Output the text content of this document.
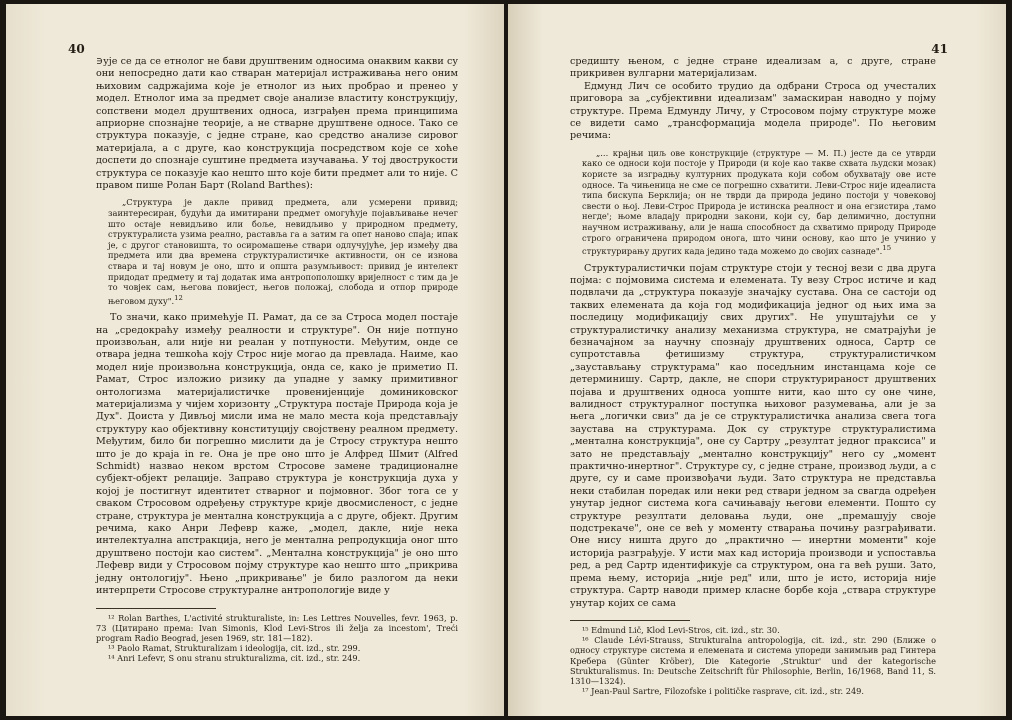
40

∋ује се да се етнолог не бави друштвеним односима онаквим какви су они непосредно дати као стваран материјал истраживања него оним њиховим садржајима које је етнолог из њих пробрао и пренео у модел. Етнолог има за предмет своје анализе властиту конструкцију, сопствени модел друштвених односа, изграђен према принципима априорне спознајне теорије, а не стварне друштвене односе. Тако се структура показује, с једне стране, као средство анализе сировог материјала, а с друге, као конструкција посредством које се хоће доспети до спознаје суштине предмета изучавања. У тој двострукости структура се показује као нешто што које бити предмет али то није. С правом пише Ролан Барт (Roland Barthes):

„Структура је дакле привид предмета, али усмерени привид; заинтересиран, будући да имитирани предмет омогућује појављивање нечег што остаје невидљиво или боље, невидљиво у природном предмету, структуралиста узима реално, раставља га а затим га опет наново спаја; ипак је, с другог становишта, то осиромашење ствари одлучујуће, јер између два предмета или два времена структуралистичке активности, он се изнова ствара и тај новум је оно, што и општа разумљивост: привид је интелект придодат предмету и тај додатак има антропополошку вријелност с тим да је то човјек сам, његова повијест, његов положај, слобода и отпор природе његовом духу".$^{12}$

То значи, како примећује П. Рамат, да се за Строса модел постаје на „средокраћу између реалности и структуре". Он није потпуно произвољан, али није ни реалан у потпуности. Међутим, онде се отвара једна тешкоћа коју Строс није могао да превлада. Наиме, као модел није произвољна конструкција, онда се, како је приметио П. Рамат, Строс изложио ризику да упадне у замку примитивног онтологизма материјалистичке провенијенције доминиковског материјализма у чијем хоризонту „Структура постаје Природа која је Дух". Доиста у Дивљој мисли има не мало места која представљају структуру као објективну конституцију својствену реалном предмету. Међутим, било би погрешно мислити да је Стросу структура нешто што је до краја in re. Она је пре оно што је Алфред Шмит (Alfred Schmidt) назвао неком врстом Стросове замене традиционалне субјект-објект релације. Заправо структура је конструкција духа у којој је постигнут идентитет стварног и појмовног. Због тога се у сваком Стросовом одређењу структуре крије двосмисленост, с једне стране, структура је ментална конструкција а с друге, објект. Другим речима, како Анри Лефевр каже, „модел, дакле, није нека интелектуална апстракција, него је ментална репродукција оног што друштвено постоји као систем". „Ментална конструкција" је оно што Лефевр види у Стросовом појму структуре као нешто што „прикрива једну онтологију". Њено „прикривање" је било разлогом да неки интерпрети Стросове структуралне антропологије виде у

¹² Rolan Barthes, L'activité strukturaliste, in: Les Lettres Nouvelles, fevr. 1963, p. 73 (Цитирано према: Ivan Simonis, Klod Levi-Stros ili želja za incestom', Treći program Radio Beograd, jesen 1969, str. 181—182).

¹³ Paolo Ramat, Strukturalizam i ideologija, cit. izd., str. 299.

¹⁴ Anri Lefevr, S onu stranu strukturalizma, cit. izd., str. 249.

41

средишту њеном, с једне стране идеализам а, с друге, стране прикривен вулгарни материјализам.

Едмунд Лич се особито трудио да одбрани Строса од учесталих приговора за „субјективни идеализам" замаскиран наводно у појму структуре. Према Едмунду Личу, у Стросовом појму структуре може се видети само „трансформација модела природе". По његовим речима:

„... крајњи циљ ове конструкције (структуре — М. П.) јесте да се утврди како се односи који постоје у Природи (и које као такве схвата људски мозак) користе за изградњу културних продуката који собом обухватају ове исте односе. Та чињеница не сме се погрешно схватити. Леви-Строс није идеалиста типа бискупа Берклија; он не тврди да природа једино постоји у човековој свести о њој. Леви-Строс Природа је истинска реалност и она егзистира ‚тамо негде'; њоме владају природни закони, који су, бар делимично, доступни научном истраживању, али је наша способност да схватимо природу Природе строго ограничена природом онога, што чини основу, као што је учинио у структурирању других када једино тада можемо до својих сазнаде".$^{15}$

Структуралистички појам структуре стоји у тесној вези с два друга појма: с појмовима система и елемената. Ту везу Строс истиче и кад подвлачи да „структура показује значајку сустава. Она се састоји од таквих елемената да која год модификација једног од њих има за последицу модификацију свих других". Не упуштајући се у структуралистичку анализу механизма структура, не сматрајући је безначајном за научну спознају друштвених односа, Сартр се супротставља фетишизму структура, структуралистичком „заустављању структурама" као поседљним инстанцама које се детерминишу. Сартр, дакле, не спори структурираност друштвених појава и друштвених односа уопште нити, као што су оне чине, валидност структуралног поступка њиховог разумевања, али је за њега „логички свиз" да је се структуралистичка анализа свега тога заустава на структурама. Док су структуре структуралистима „ментална конструкција", оне су Сартру „резултат једног праксиса" и зато не представљају „ментално конструкцију" него су „момент практично-инертног". Структуре су, с једне стране, производ људи, а с друге, су и саме произвођачи људи. Зато структура не представља неки стабилан поредак или неки ред ствари једном за свагда одређен унутар једног система кога сачињавају његови елементи. Пошто су структуре резултати деловања људи, оне „премашују своје подстрекаче", оне се већ у моменту стварања почињу разграђивати. Оне нису ништа друго до „практично — инертни моменти" које историја разграђује. У исти мах кад историја производи и успоставља ред, а ред Сартр идентификује са структуром, она га већ руши. Зато, према њему, историја „није ред" или, што је исто, историја није структура. Сартр наводи пример класне борбе која „ствара структуре унутар којих се сама

¹⁵ Edmund Lič, Klod Levi-Stros, cit. izd., str. 30.

¹⁶ Claude Lévi-Strauss, Strukturalna antropologija, cit. izd., str. 290 (Ближе о односу структуре система и елемената и система упореди занимљив рад Гинтера Кребера (Günter Kröber), Die Kategorie ‚Struktur' und der kategorische Strukturalismus. In: Deutsche Zeitschrift für Philosophie, Berlin, 16/1968, Band 11, S. 1310—1324).

¹⁷ Jean-Paul Sartre, Filozofske i političke rasprave, cit. izd., str. 249.
